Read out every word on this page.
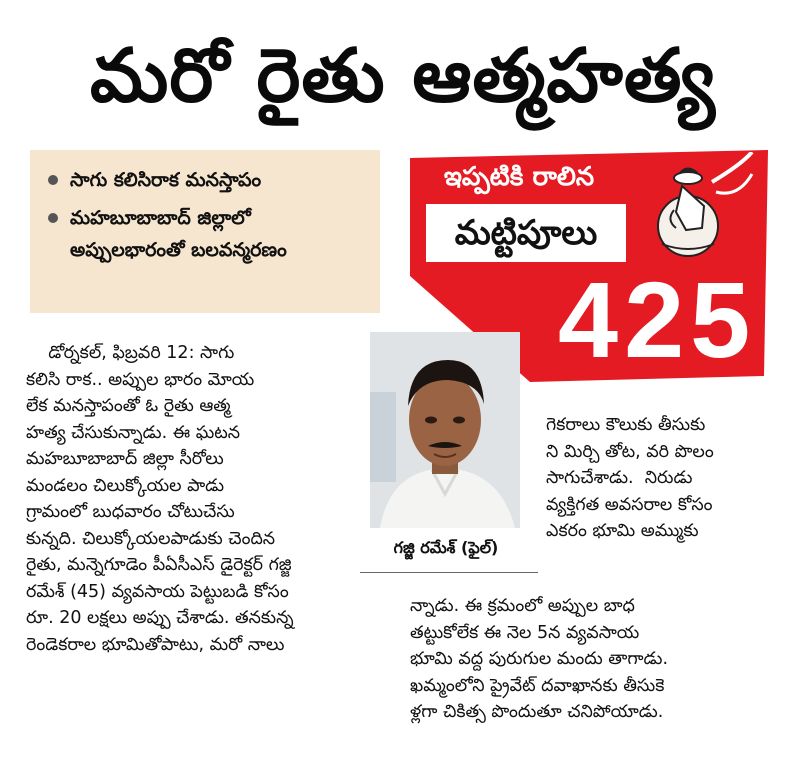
మరో రైతు ఆత్మహత్య
సాగు కలిసిరాక మనస్తాపం
మహబూబాబాద్ జిల్లాలో
అప్పులభారంతో బలవన్మరణం
ఇప్పటికి రాలిన
మట్టిపూలు
425

డోర్నకల్, ఫిబ్రవరి 12: సాగు
కలిసి రాక.. అప్పుల భారం మోయ
లేక మనస్తాపంతో ఓ రైతు ఆత్మ
హత్య చేసుకున్నాడు. ఈ ఘటన
మహబూబాబాద్ జిల్లా సీరోలు
మండలం చిలుక్కోయల పాడు
గ్రామంలో బుధవారం చోటుచేసు
కున్నది. చిలుక్కోయలపాడుకు చెందిన
రైతు, మన్నెగూడెం పీఏసీఎస్ డైరెక్టర్ గజ్జి
రమేశ్ (45) వ్యవసాయ పెట్టుబడి కోసం
రూ. 20 లక్షలు అప్పు చేశాడు. తనకున్న
రెండెకరాల భూమితోపాటు, మరో నాలు

గజ్జి రమేశ్ (ఫైల్)

గెకరాలు కౌలుకు తీసుకు
ని మిర్చి తోట, వరి పొలం
సాగుచేశాడు.  నిరుడు
వ్యక్తిగత అవసరాల కోసం
ఎకరం భూమి అమ్ముకు

న్నాడు. ఈ క్రమంలో అప్పుల బాధ
తట్టుకోలేక ఈ నెల 5న వ్యవసాయ
భూమి వద్ద పురుగుల మందు తాగాడు.
ఖమ్మంలోని ప్రైవేట్ దవాఖానకు తీసుకె
ళ్లగా చికిత్స పొందుతూ చనిపోయాడు.
